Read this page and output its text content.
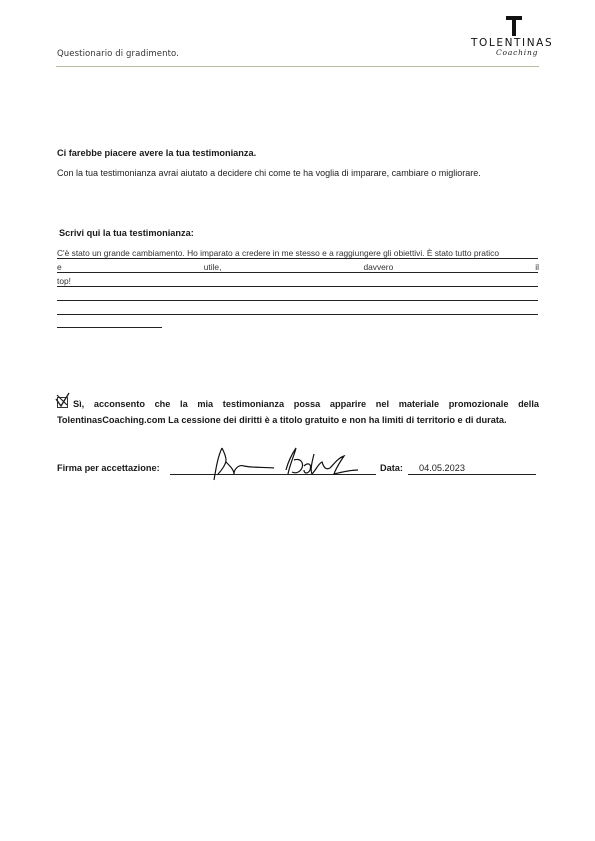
Questionario di gradimento.
TOLENTINAS
Coaching
Ci farebbe piacere avere la tua testimonianza.
Con la tua testimonianza avrai aiutato a decidere chi come te ha voglia di imparare, cambiare o migliorare.
Scrivi qui la tua testimonianza:
C'è stato un grande cambiamento. Ho imparato a credere in me stesso e a raggiungere gli obiettivi. È stato tutto pratico
e	utile,	davvero	il
top!
Sì, acconsento che la mia testimonianza possa apparire nel materiale promozionale della TolentinasCoaching.com La cessione dei diritti è a titolo gratuito e non ha limiti di territorio e di durata.
Firma per accettazione:	Data: 04.05.2023
